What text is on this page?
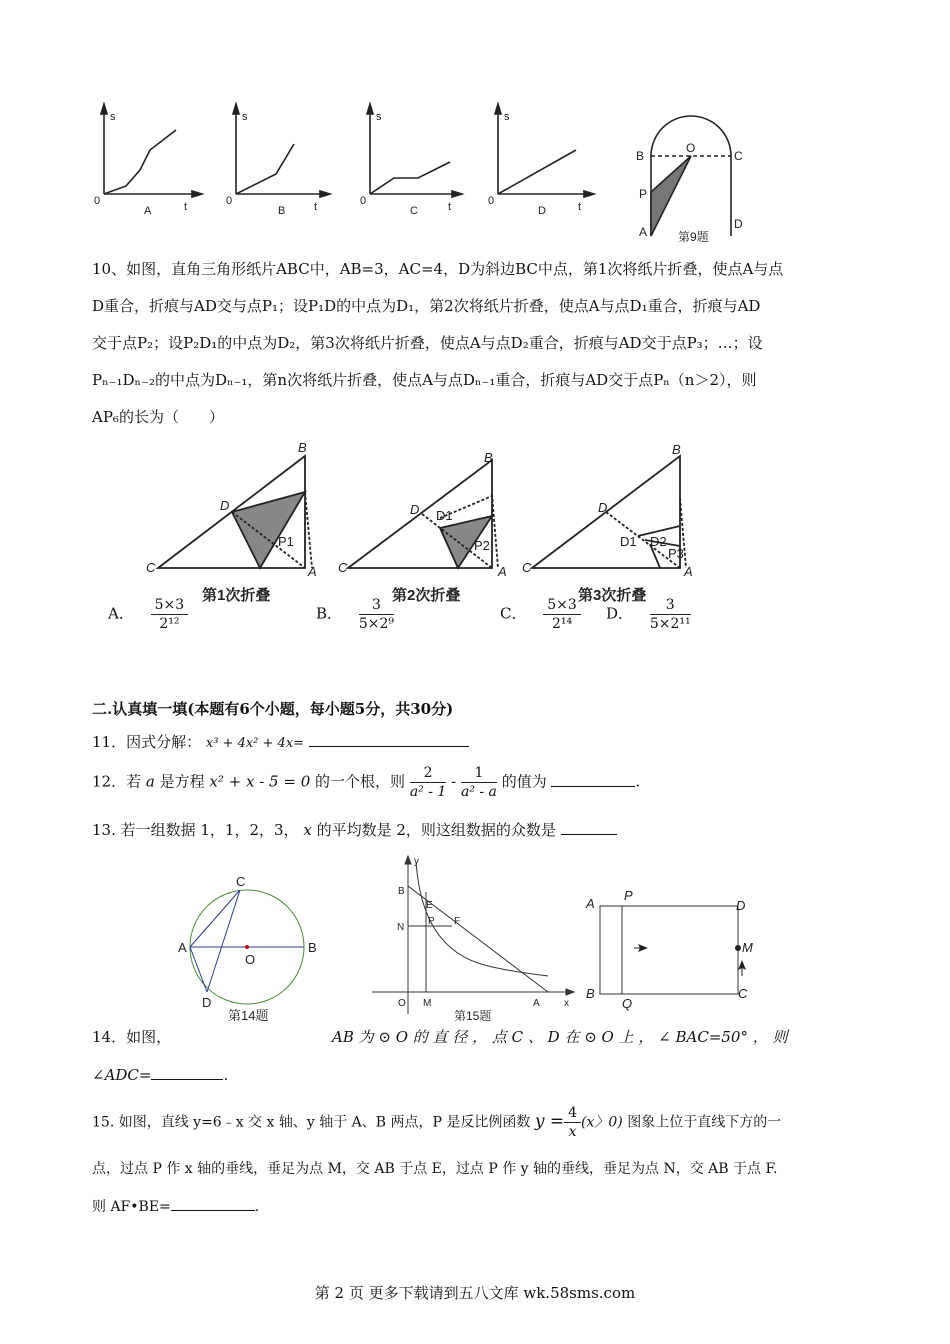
s
0	t
A
s
0	t
B
s
0	t
C
s
0	t
D
B
O
C
P
A
D
第9题
10、如图，直角三角形纸片ABC中，AB=3，AC=4，D为斜边BC中点，第1次将纸片折叠，使点A与点
D重合，折痕与AD交与点P₁；设P₁D的中点为D₁，第2次将纸片折叠，使点A与点D₁重合，折痕与AD
交于点P₂；设P₂D₁的中点为D₂，第3次将纸片折叠，使点A与点D₂重合，折痕与AD交于点P₃；…；设
Pₙ₋₁Dₙ₋₂的中点为Dₙ₋₁，第n次将纸片折叠，使点A与点Dₙ₋₁重合，折痕与AD交于点Pₙ（n＞2），则
AP₆的长为（　　）
B
C	A
D
P1
B
C	A
D D1
P2
B
C	A
D
D1 D2
P3
第1次折叠	第2次折叠	第3次折叠
A． $\frac{5\times 3}{\text{2¹²}}$	B． $\frac{3}{\text{5×2⁹}}$	C． $\frac{5\times 3}{\text{2¹⁴}}$ D． $\frac{3}{\text{5×2¹¹}}$
二.认真填一填(本题有6个小题，每小题5分，共30分)
11．因式分解： x³ + 4x² + 4x=
12．若 a 是方程 x² + x - 5 = 0 的一个根，则 $\frac{2}{\text{a² - 1}} - \frac{1}{\text{a² - a}}$ 的值为	.
13. 若一组数据 1，1，2，3， x 的平均数是 2，则这组数据的众数是
C
A
O
B
D
第14题
y
B
E
N
P F
O M	A x
第15题
A
P
D
M
B
Q
C
14．如图，	AB 为 ⊙ O 的 直 径 ， 点 C 、 D 在 ⊙ O 上 ， ∠ BAC=50° ， 则
∠ADC=	.
15. 如图，直线 y=6﹣x 交 x 轴、y 轴于 A、B 两点，P 是反比例函数 $y = \frac{4}{x} (x$〉0) 图象上位于直线下方的一
点，过点 P 作 x 轴的垂线，垂足为点 M，交 AB 于点 E，过点 P 作 y 轴的垂线，垂足为点 N，交 AB 于点 F.
则 AF•BE=	.
第 2 页 更多下载请到五八文库 wk.58sms.com
